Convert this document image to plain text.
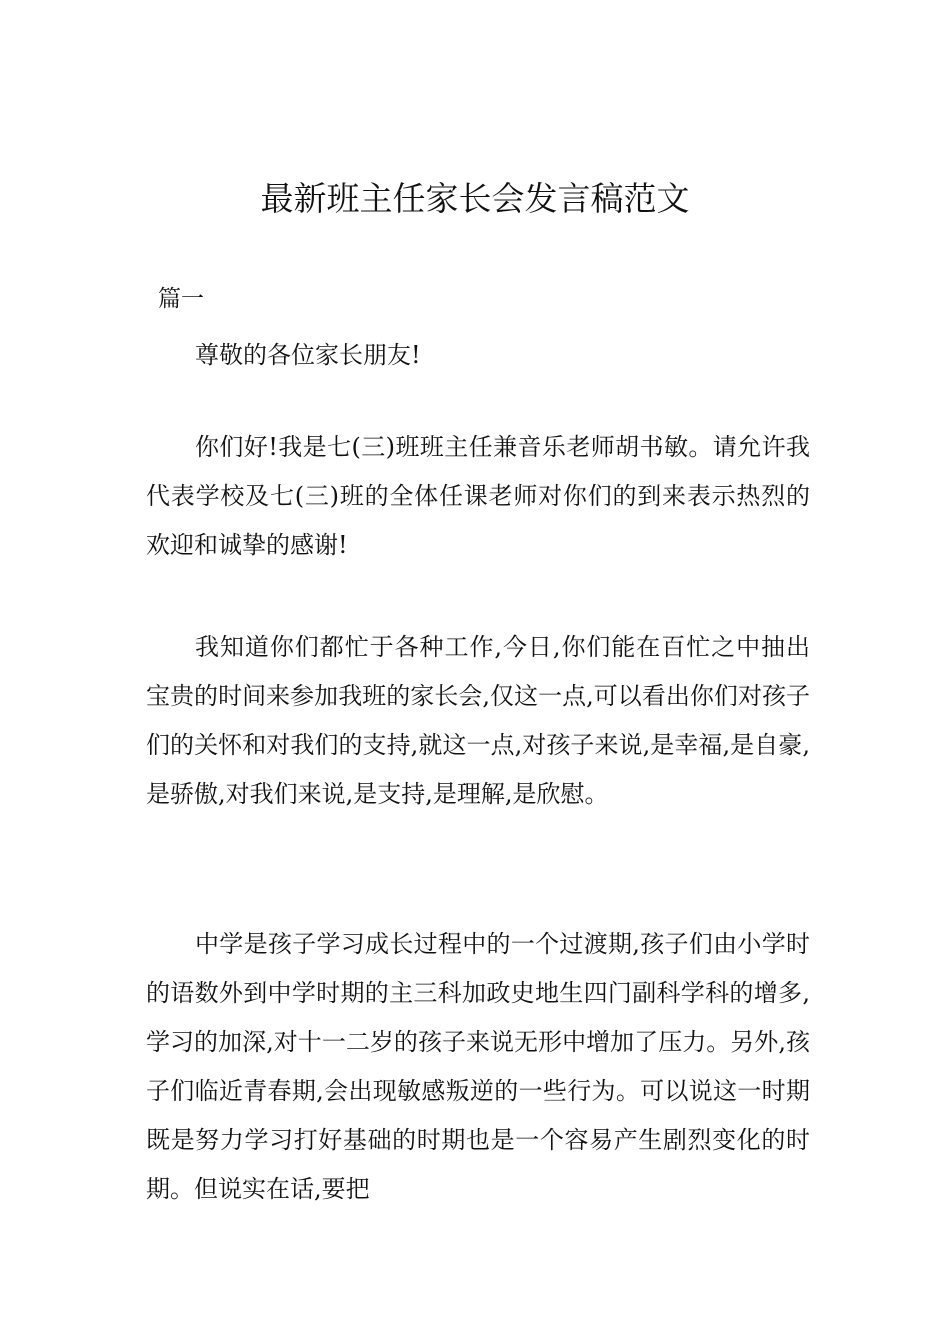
最新班主任家长会发言稿范文
篇一

尊敬的各位家长朋友!

你们好!我是七(三)班班主任兼音乐老师胡书敏。请允许我代表学校及七(三)班的全体任课老师对你们的到来表示热烈的欢迎和诚挚的感谢!

我知道你们都忙于各种工作,今日,你们能在百忙之中抽出宝贵的时间来参加我班的家长会,仅这一点,可以看出你们对孩子们的关怀和对我们的支持,就这一点,对孩子来说,是幸福,是自豪,是骄傲,对我们来说,是支持,是理解,是欣慰。

中学是孩子学习成长过程中的一个过渡期,孩子们由小学时的语数外到中学时期的主三科加政史地生四门副科学科的增多,学习的加深,对十一二岁的孩子来说无形中增加了压力。另外,孩子们临近青春期,会出现敏感叛逆的一些行为。可以说这一时期既是努力学习打好基础的时期也是一个容易产生剧烈变化的时期。但说实在话,要把
